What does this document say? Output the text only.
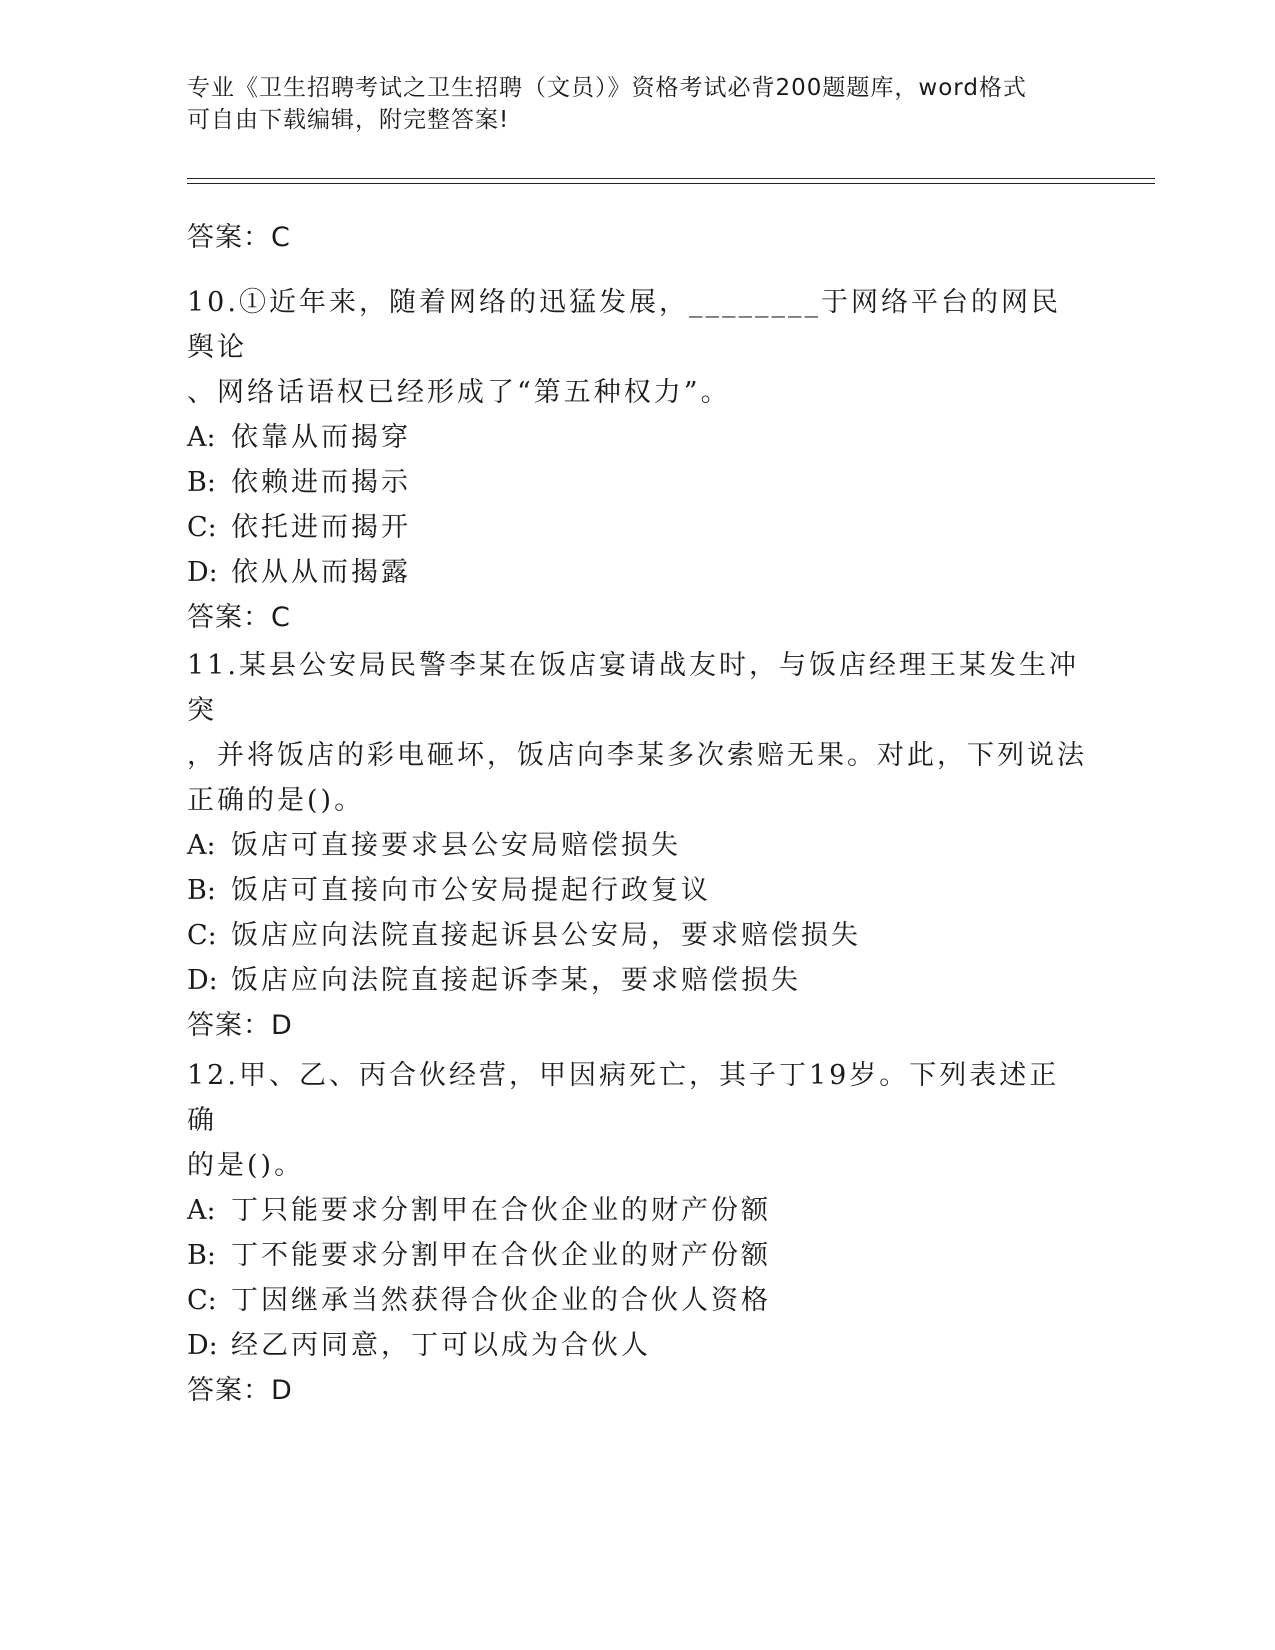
专业《卫生招聘考试之卫生招聘（文员）》资格考试必背200题题库，word格式
可自由下载编辑，附完整答案!

答案：C

10.①近年来，随着网络的迅猛发展，________于网络平台的网民舆论
、网络话语权已经形成了“第五种权力”。

A: 依靠从而揭穿

B: 依赖进而揭示

C: 依托进而揭开

D: 依从从而揭露

答案：C

11.某县公安局民警李某在饭店宴请战友时，与饭店经理王某发生冲突
，并将饭店的彩电砸坏，饭店向李某多次索赔无果。对此，下列说法
正确的是()。

A: 饭店可直接要求县公安局赔偿损失

B: 饭店可直接向市公安局提起行政复议

C: 饭店应向法院直接起诉县公安局，要求赔偿损失

D: 饭店应向法院直接起诉李某，要求赔偿损失

答案：D

12.甲、乙、丙合伙经营，甲因病死亡，其子丁19岁。下列表述正确
的是()。

A: 丁只能要求分割甲在合伙企业的财产份额

B: 丁不能要求分割甲在合伙企业的财产份额

C: 丁因继承当然获得合伙企业的合伙人资格

D: 经乙丙同意，丁可以成为合伙人

答案：D
